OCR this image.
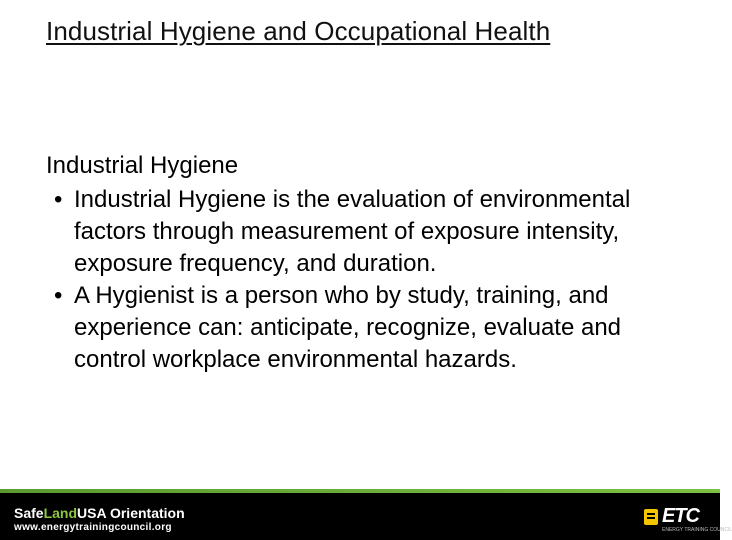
Industrial Hygiene and Occupational Health
Industrial Hygiene
• Industrial Hygiene is the evaluation of environmental factors through measurement of exposure intensity, exposure frequency, and duration.
• A Hygienist is a person who by study, training, and experience can: anticipate, recognize, evaluate and control workplace environmental hazards.
SafeLandUSA Orientation
www.energytrainingcouncil.org
ETC
ENERGY TRAINING COUNCIL
